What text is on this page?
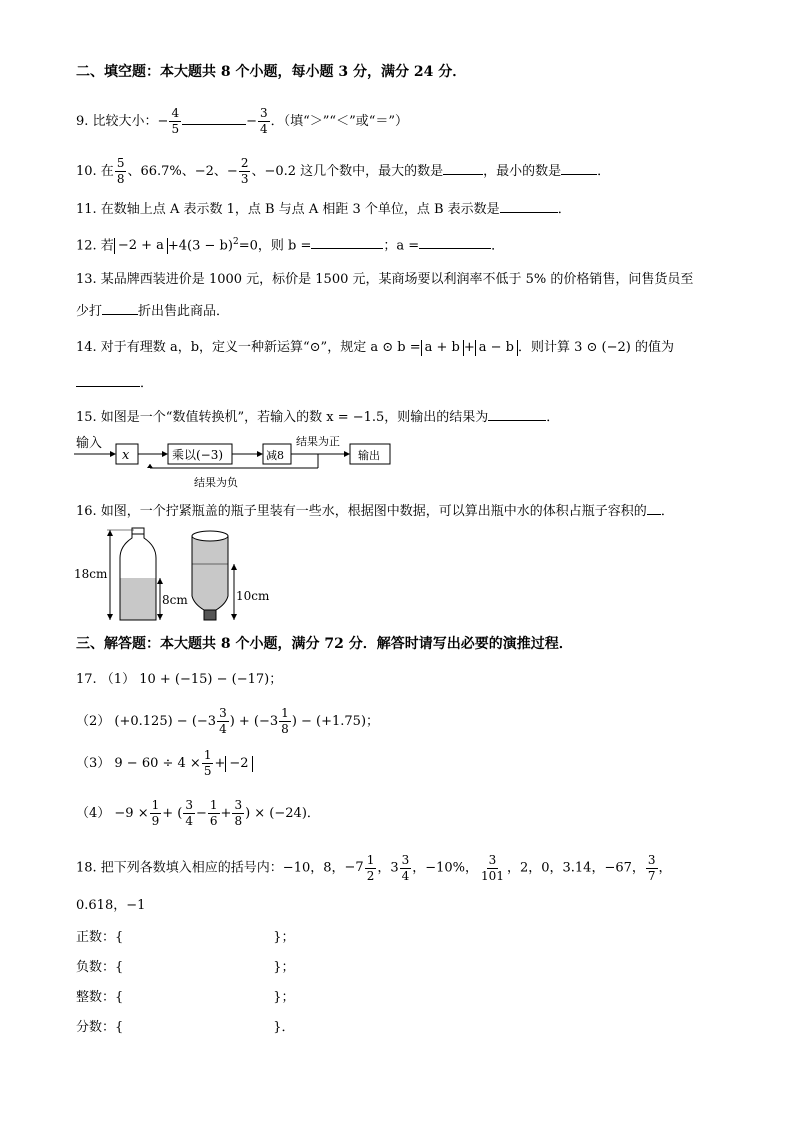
二、填空题：本大题共 8 个小题，每小题 3 分，满分 24 分．
9. 比较大小：− $\frac{4}{5}$	− $\frac{3}{4}$ ．（填“＞”“＜”或“＝”）
10. 在 $\frac{5}{8}$ 、66.7%、−2、− $\frac{2}{3}$ 、−0.2 这几个数中，最大的数是	，最小的数是	．
11. 在数轴上点 A 表示数 1，点 B 与点 A 相距 3 个单位，点 B 表示数是	．
12. 若 $-2 + a +4(3 - b)^2=0$，则 b =	；a =	．
13. 某品牌西装进价是 1000 元，标价是 1500 元，某商场要以利润率不低于 5% 的价格销售，问售货员至
少打	折出售此商品．
14. 对于有理数 a，b，定义一种新运算“⊙”，规定 a ⊙ b = a + b + a − b ．则计算 3 ⊙ (−2) 的值为
．
15. 如图是一个“数值转换机”，若输入的数 x = −1.5，则输出的结果为	．
输入
x	乘以(−3)	减8
结果为正
输出
结果为负
16. 如图，一个拧紧瓶盖的瓶子里装有一些水，根据图中数据，可以算出瓶中水的体积占瓶子容积的 ．
18cm
8cm	10cm
三、解答题：本大题共 8 个小题，满分 72 分．解答时请写出必要的演推过程．
17. （1） 10 + (−15) − (−17)；
（2） $(+0.125) - (-3 \frac{3}{4}$ ) + ($-3 \frac{1}{8}$ ) − (+1.75)；
（3） $9 - 60 \div 4 \times \frac{1}{5} + -2$
$(4) -9 \times \frac{1}{9}$ + ( $\frac{3}{4} - \frac{1}{6} + \frac{3}{8}$ ) × (−24)．
18. 把下列各数填入相应的括号内：−10，8， $-7 \frac{1}{2}$ ，$3 \frac{3}{4}$ ，−10%， $\frac{3}{101}$ ，2，0，3.14，−67， $\frac{3}{7}$ ，
0.618，−1
正数：{	}；
负数：{	}；
整数：{	}；
分数：{	}．
